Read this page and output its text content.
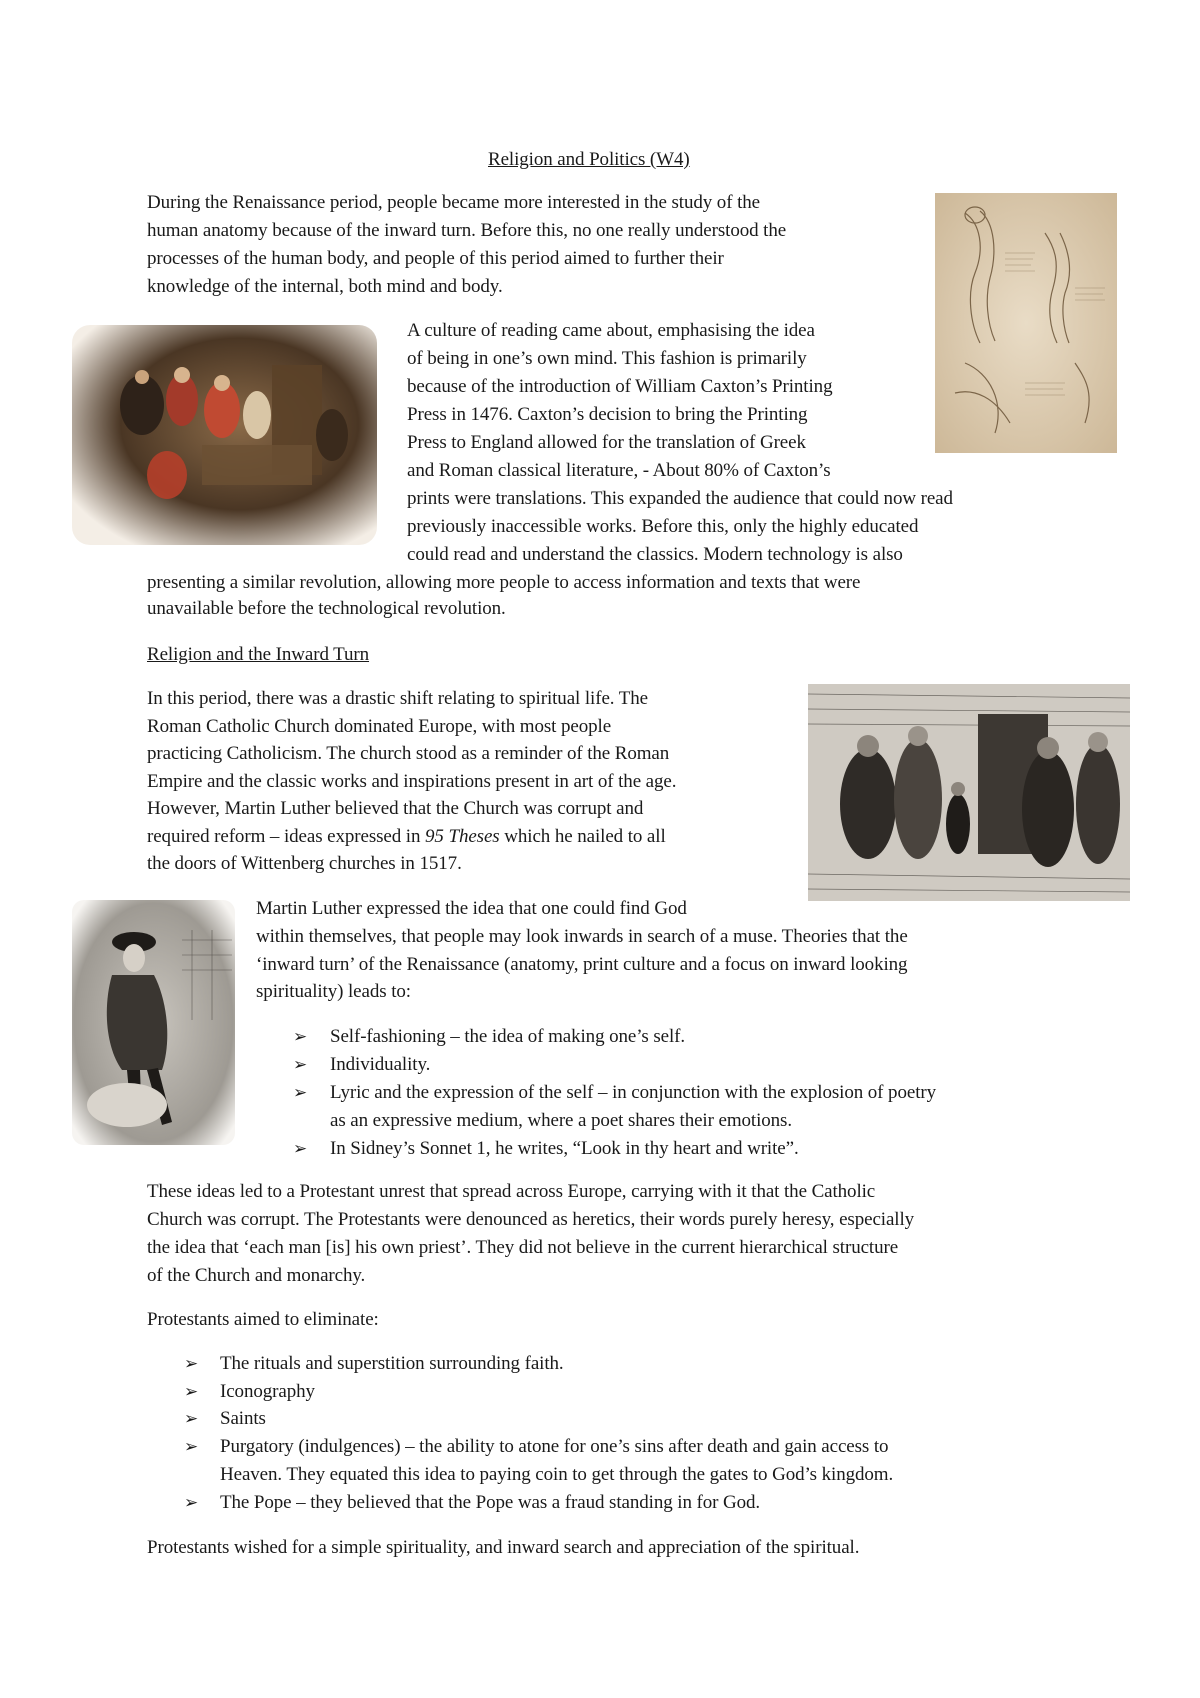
Religion and Politics (W4)

During the Renaissance period, people became more interested in the study of the

human anatomy because of the inward turn. Before this, no one really understood the

processes of the human body, and people of this period aimed to further their

knowledge of the internal, both mind and body.

A culture of reading came about, emphasising the idea

of being in one’s own mind. This fashion is primarily

because of the introduction of William Caxton’s Printing

Press in 1476. Caxton’s decision to bring the Printing

Press to England allowed for the translation of Greek

and Roman classical literature, - About 80% of Caxton’s

prints were translations. This expanded the audience that could now read

previously inaccessible works. Before this, only the highly educated

could read and understand the classics. Modern technology is also

presenting a similar revolution, allowing more people to access information and texts that were

unavailable before the technological revolution.

Religion and the Inward Turn

In this period, there was a drastic shift relating to spiritual life. The

Roman Catholic Church dominated Europe, with most people

practicing Catholicism. The church stood as a reminder of the Roman

Empire and the classic works and inspirations present in art of the age.

However, Martin Luther believed that the Church was corrupt and

required reform – ideas expressed in 95 Theses which he nailed to all

the doors of Wittenberg churches in 1517.

Martin Luther expressed the idea that one could find God

within themselves, that people may look inwards in search of a muse. Theories that the

‘inward turn’ of the Renaissance (anatomy, print culture and a focus on inward looking

spirituality) leads to:

➢ Self-fashioning – the idea of making one’s self.

➢ Individuality.

➢ Lyric and the expression of the self – in conjunction with the explosion of poetry

as an expressive medium, where a poet shares their emotions.

➢ In Sidney’s Sonnet 1, he writes, “Look in thy heart and write”.

These ideas led to a Protestant unrest that spread across Europe, carrying with it that the Catholic

Church was corrupt. The Protestants were denounced as heretics, their words purely heresy, especially

the idea that ‘each man [is] his own priest’. They did not believe in the current hierarchical structure

of the Church and monarchy.

Protestants aimed to eliminate:

➢ The rituals and superstition surrounding faith.

➢ Iconography

➢ Saints

➢ Purgatory (indulgences) – the ability to atone for one’s sins after death and gain access to

Heaven. They equated this idea to paying coin to get through the gates to God’s kingdom.

➢ The Pope – they believed that the Pope was a fraud standing in for God.

Protestants wished for a simple spirituality, and inward search and appreciation of the spiritual.
